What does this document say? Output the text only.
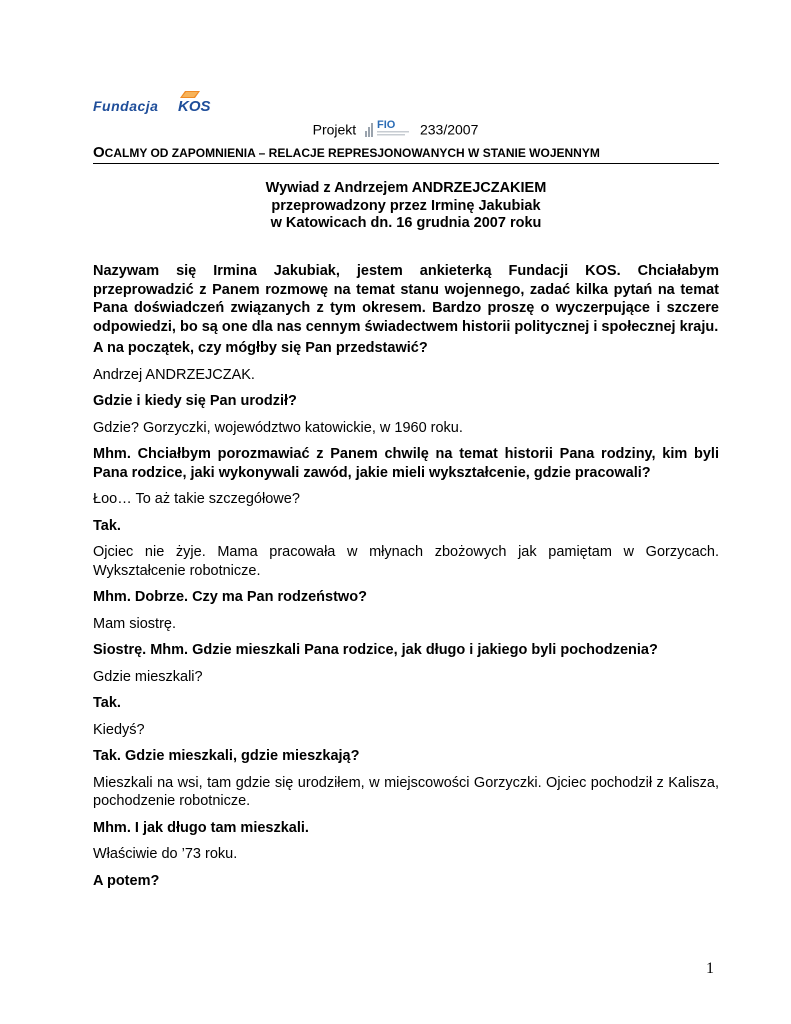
Fundacja KOS
Projekt FIO 233/2007
OCALMY OD ZAPOMNIENIA – RELACJE REPRESJONOWANYCH W STANIE WOJENNYM
Wywiad z Andrzejem ANDRZEJCZAKIEM
przeprowadzony przez Irminę Jakubiak
w Katowicach dn. 16 grudnia 2007 roku

Nazywam się Irmina Jakubiak, jestem ankieterką Fundacji KOS. Chciałabym przeprowadzić z Panem rozmowę na temat stanu wojennego, zadać kilka pytań na temat Pana doświadczeń związanych z tym okresem. Bardzo proszę o wyczerpujące i szczere odpowiedzi, bo są one dla nas cennym świadectwem historii politycznej i społecznej kraju.

A na początek, czy mógłby się Pan przedstawić?

Andrzej ANDRZEJCZAK.

Gdzie i kiedy się Pan urodził?

Gdzie? Gorzyczki, województwo katowickie, w 1960 roku.

Mhm. Chciałbym porozmawiać z Panem chwilę na temat historii Pana rodziny, kim byli Pana rodzice, jaki wykonywali zawód, jakie mieli wykształcenie, gdzie pracowali?

Łoo… To aż takie szczegółowe?

Tak.

Ojciec nie żyje. Mama pracowała w młynach zbożowych jak pamiętam w Gorzycach. Wykształcenie robotnicze.

Mhm. Dobrze. Czy ma Pan rodzeństwo?

Mam siostrę.

Siostrę. Mhm. Gdzie mieszkali Pana rodzice, jak długo i jakiego byli pochodzenia?

Gdzie mieszkali?

Tak.

Kiedyś?

Tak. Gdzie mieszkali, gdzie mieszkają?

Mieszkali na wsi, tam gdzie się urodziłem, w miejscowości Gorzyczki. Ojciec pochodził z Kalisza, pochodzenie robotnicze.

Mhm. I jak długo tam mieszkali.

Właściwie do ’73 roku.

A potem?

1
